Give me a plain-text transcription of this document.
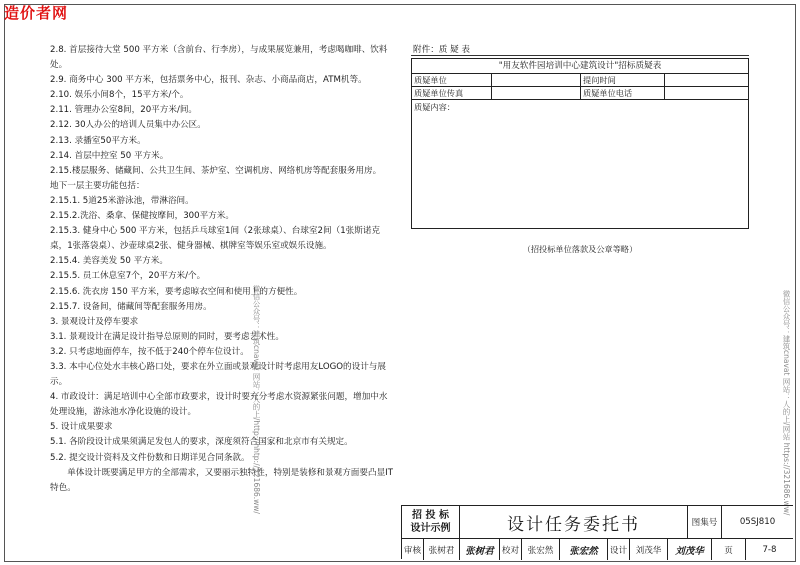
造价者网
2.8. 首层接待大堂 500 平方米（含前台、行李房），与成果展览兼用，考虑喝咖啡、饮料处。
2.9. 商务中心 300 平方米，包括票务中心，报刊、杂志、小商品商店，ATM机等。
2.10. 娱乐小间8个，15平方米/个。
2.11. 管理办公室8间，20平方米/间。
2.12. 30人办公的培训人员集中办公区。
2.13. 录播室50平方米。
2.14. 首层中控室 50 平方米。
2.15.楼层服务、储藏间、公共卫生间、茶炉室、空调机房、网络机房等配套服务用房。
地下一层主要功能包括：
2.15.1. 5道25米游泳池，带淋浴间。
2.15.2.洗浴、桑拿、保健按摩间，300平方米。
2.15.3. 健身中心 500 平方米，包括乒乓球室1间（2张球桌）、台球室2间（1张斯诺克桌，1张落袋桌）、沙壶球桌2张、健身器械、棋牌室等娱乐室或娱乐设施。
2.15.4. 美容美发 50 平方米。
2.15.5. 员工休息室7个，20平方米/个。
2.15.6. 洗衣房 150 平方米，要考虑晾衣空间和使用上的方便性。
2.15.7. 设备间，储藏间等配套服务用房。
3. 景观设计及停车要求
3.1. 景观设计在满足设计指导总原则的同时，要考虑艺术性。
3.2. 只考虑地面停车，按不低于240个停车位设计。
3.3. 本中心位处水丰核心路口处，要求在外立面或景观设计时考虑用友LOGO的设计与展示。
4. 市政设计：满足培训中心全部市政要求，设计时要充分考虑水资源紧张问题，增加中水处理设施，游泳池水净化设施的设计。
5. 设计成果要求
5.1. 各阶段设计成果须满足发包人的要求，深度须符合国家和北京市有关规定。
5.2. 提交设计资料及文件份数和日期详见合同条款。
单体设计既要满足甲方的全部需求，又要丽示独特性，特别是装修和景观方面要凸显IT特色。
附件：质 疑 表
"用友软件园培训中心建筑设计"招标质疑表
质疑单位	提问时间
质疑单位传真	质疑单位电话
质疑内容：
（招投标单位落款及公章等略）
微信公众号：建筑cnavat 网站：人的上/http://hhtp://321686.ww/	微信公众号：建筑cnavat 网站：人的上/网站 https://321686.ww/
招 投 标
设计示例	设计任务委托书	图集号	05SJ810
审核 张树君	张树君 校对 张宏然	张宏然	设计 刘茂华	刘茂华	页	7-8
